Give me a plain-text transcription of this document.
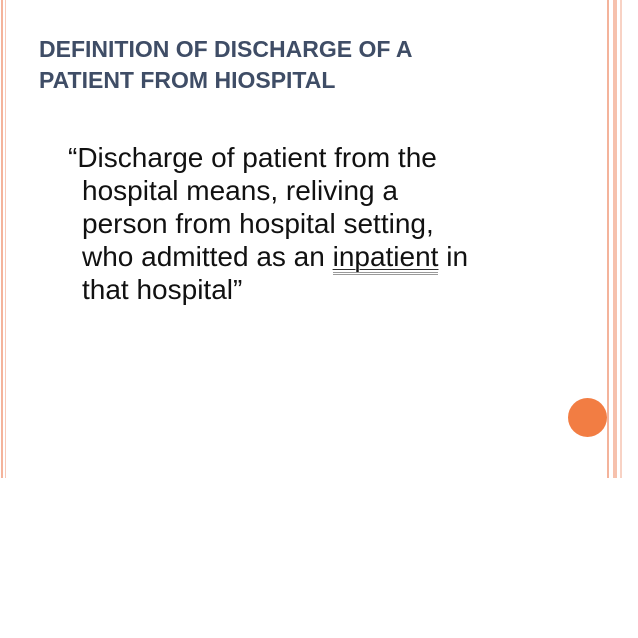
DEFINITION OF DISCHARGE OF A
PATIENT FROM HIOSPITAL
“Discharge of patient from the
hospital means, reliving a
person from hospital setting,
who admitted as an inpatient in
that hospital”
